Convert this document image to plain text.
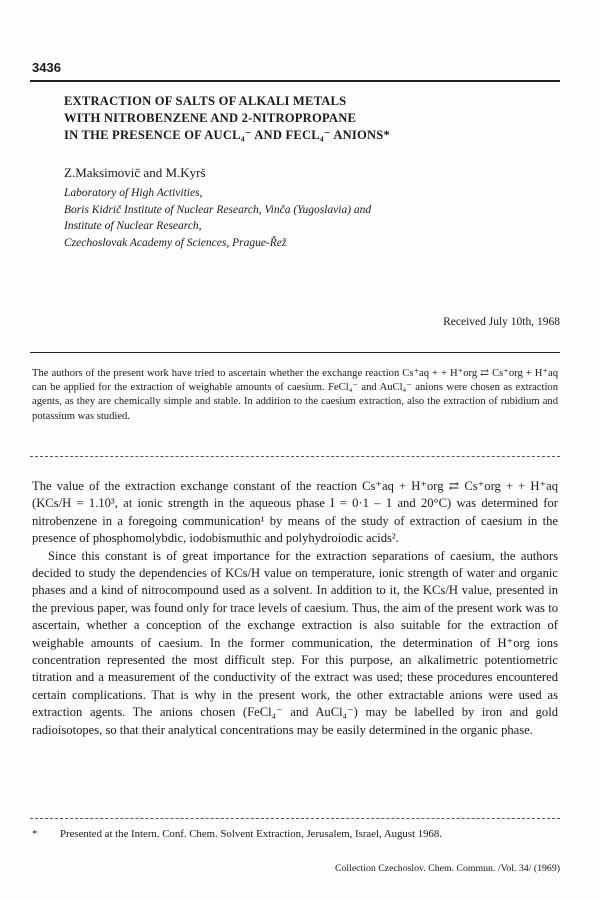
3436
EXTRACTION OF SALTS OF ALKALI METALS
WITH NITROBENZENE AND 2-NITROPROPANE
IN THE PRESENCE OF AUCL₄⁻ AND FECL₄⁻ ANIONS*
Z.Maksimovič and M.Kyrš
Laboratory of High Activities,
Boris Kidrič Institute of Nuclear Research, Vinča (Yugoslavia) and
Institute of Nuclear Research,
Czechoslovak Academy of Sciences, Prague-Řež
Received July 10th, 1968
The authors of the present work have tried to ascertain whether the exchange reaction Cs⁺aq + + H⁺org ⇄ Cs⁺org + H⁺aq can be applied for the extraction of weighable amounts of caesium. FeCl₄⁻ and AuCl₄⁻ anions were chosen as extraction agents, as they are chemically simple and stable. In addition to the caesium extraction, also the extraction of rubidium and potassium was studied.

The value of the extraction exchange constant of the reaction Cs⁺aq + H⁺org ⇄ Cs⁺org + + H⁺aq (KCs/H = 1.10³, at ionic strength in the aqueous phase I = 0·1 – 1 and 20°C) was determined for nitrobenzene in a foregoing communication¹ by means of the study of extraction of caesium in the presence of phosphomolybdic, iodobismuthic and polyhydroiodic acids².

Since this constant is of great importance for the extraction separations of caesium, the authors decided to study the dependencies of KCs/H value on temperature, ionic strength of water and organic phases and a kind of nitrocompound used as a solvent. In addition to it, the KCs/H value, presented in the previous paper, was found only for trace levels of caesium. Thus, the aim of the present work was to ascertain, whether a conception of the exchange extraction is also suitable for the extraction of weighable amounts of caesium. In the former communication, the determination of H⁺org ions concentration represented the most difficult step. For this purpose, an alkalimetric potentiometric titration and a measurement of the conductivity of the extract was used; these procedures encountered certain complications. That is why in the present work, the other extractable anions were used as extraction agents. The anions chosen (FeCl₄⁻ and AuCl₄⁻) may be labelled by iron and gold radioisotopes, so that their analytical concentrations may be easily determined in the organic phase.

*	Presented at the Intern. Conf. Chem. Solvent Extraction, Jerusalem, Israel, August 1968.
Collection Czechoslov. Chem. Commun. /Vol. 34/ (1969)
